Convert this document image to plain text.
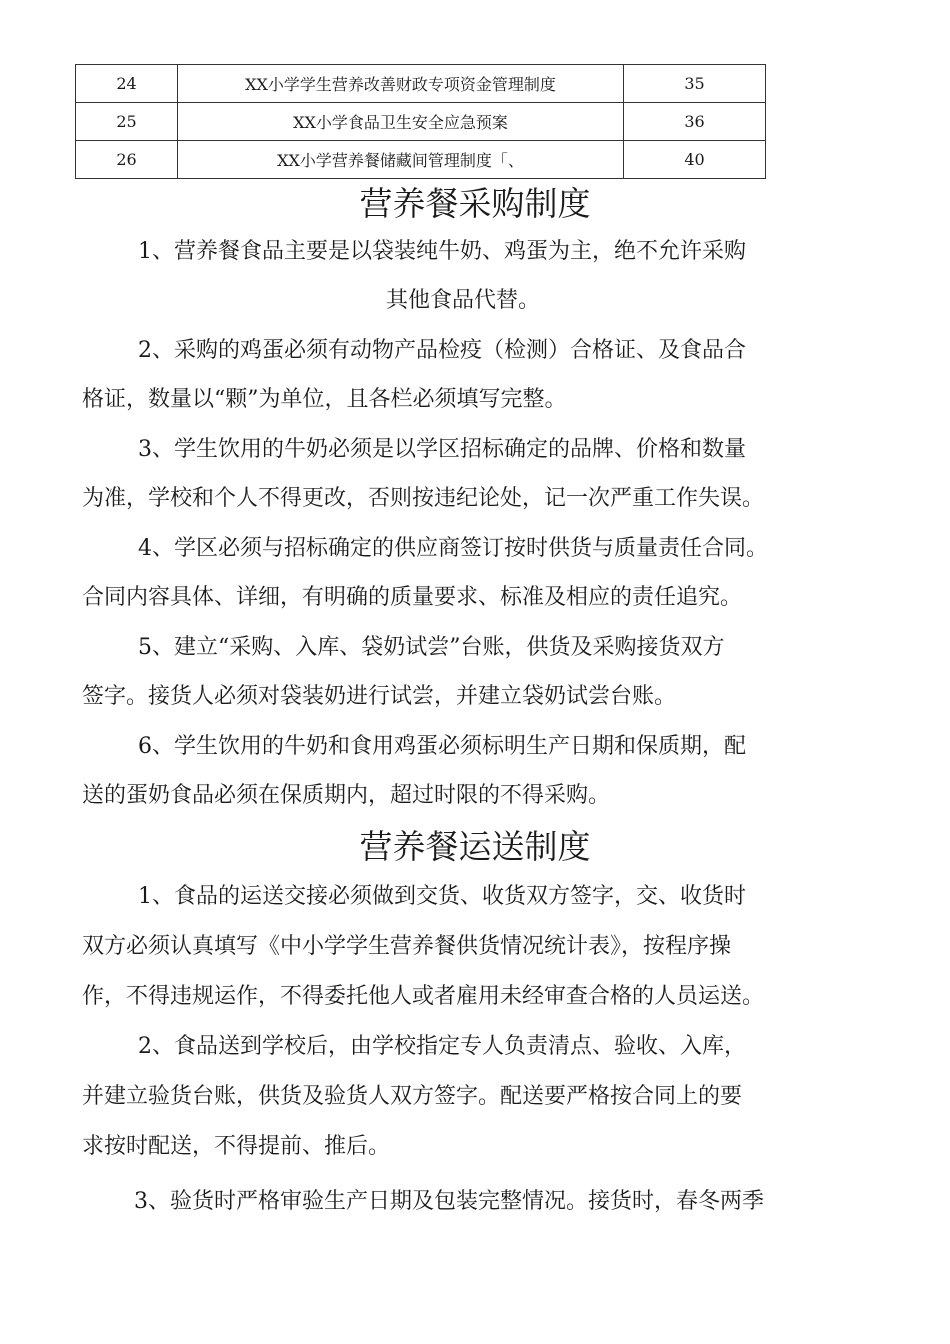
24	XX小学学生营养改善财政专项资金管理制度	35
25	XX小学食品卫生安全应急预案	36
26	XX小学营养餐储藏间管理制度「、	40
营养餐采购制度

1、营养餐食品主要是以袋装纯牛奶、鸡蛋为主，绝不允许采购

其他食品代替。

2、采购的鸡蛋必须有动物产品检疫（检测）合格证、及食品合

格证，数量以“颗”为单位，且各栏必须填写完整。

3、学生饮用的牛奶必须是以学区招标确定的品牌、价格和数量

为准，学校和个人不得更改，否则按违纪论处，记一次严重工作失误。

4、学区必须与招标确定的供应商签订按时供货与质量责任合同。

合同内容具体、详细，有明确的质量要求、标准及相应的责任追究。

5、建立“采购、入库、袋奶试尝”台账，供货及采购接货双方

签字。接货人必须对袋装奶进行试尝，并建立袋奶试尝台账。

6、学生饮用的牛奶和食用鸡蛋必须标明生产日期和保质期，配

送的蛋奶食品必须在保质期内，超过时限的不得采购。

营养餐运送制度

1、食品的运送交接必须做到交货、收货双方签字，交、收货时

双方必须认真填写《中小学学生营养餐供货情况统计表》，按程序操

作，不得违规运作，不得委托他人或者雇用未经审查合格的人员运送。

2、食品送到学校后，由学校指定专人负责清点、验收、入库，

并建立验货台账，供货及验货人双方签字。配送要严格按合同上的要

求按时配送，不得提前、推后。

3、验货时严格审验生产日期及包装完整情况。接货时，春冬两季
